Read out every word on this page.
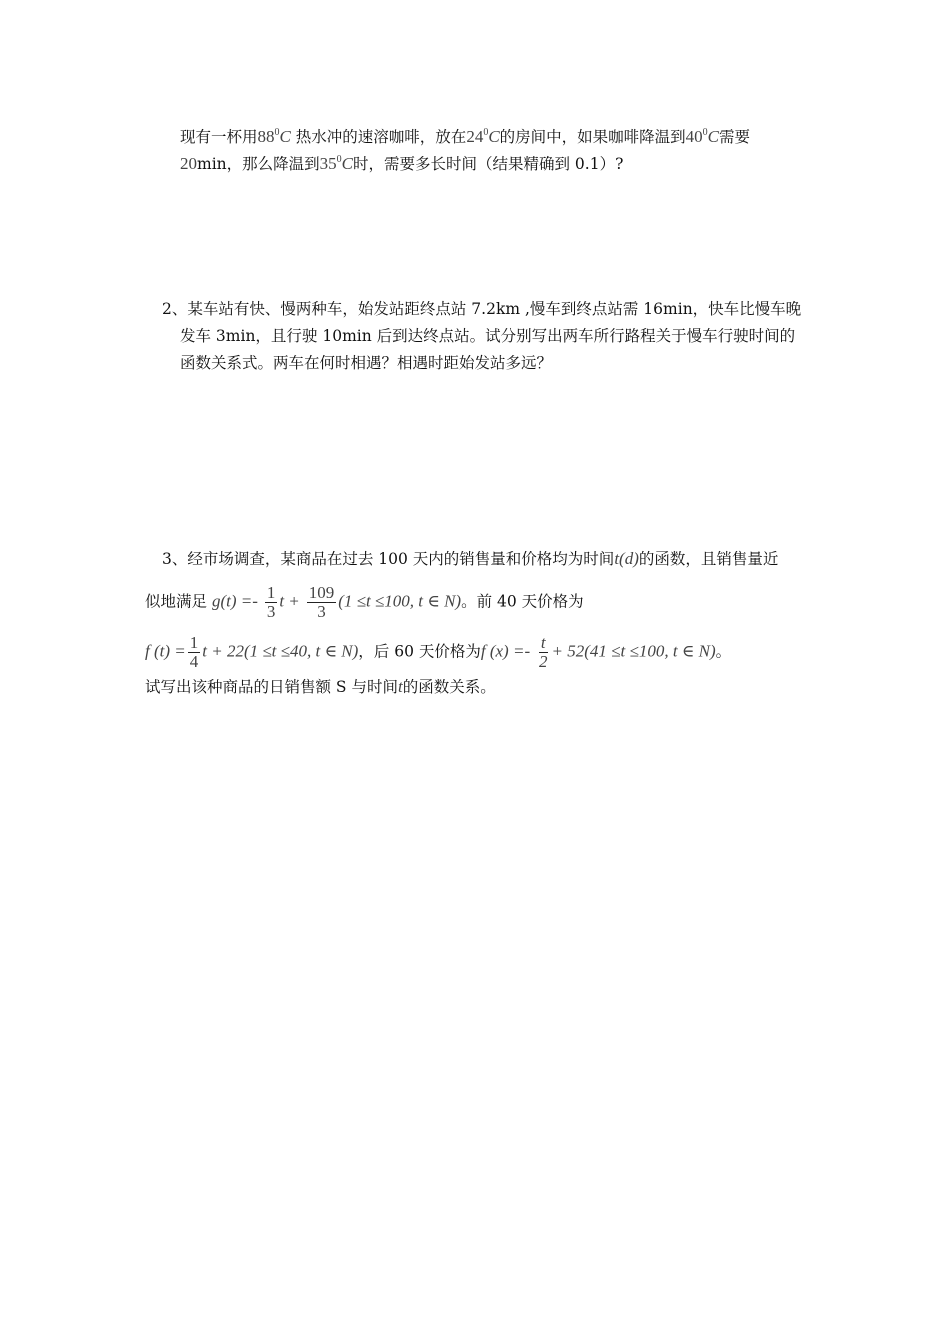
现有一杯用$88^0C$ 热水冲的速溶咖啡，放在$24^0C$的房间中，如果咖啡降温到$40^0C$需要
20min，那么降温到$35^0C$时，需要多长时间（结果精确到 0.1）?
2、某车站有快、慢两种车，始发站距终点站 7.2km ,慢车到终点站需 16min，快车比慢车晚
发车 3min，且行驶 10min 后到达终点站。试分别写出两车所行路程关于慢车行驶时间的
函数关系式。两车在何时相遇？相遇时距始发站多远？
3、经市场调查，某商品在过去 100 天内的销售量和价格均为时间t(d)的函数，且销售量近
似地满足 $g(t) =- \frac{1}{3}$ $t + \frac{109}{3} (1 \le t \le 100$, t ∈ N)。前 40 天价格为
f $(t) = \frac{1}{4}$ t + 22(1 ≤t ≤40, t ∈ N)，后 60 天价格为f $(x) =- \frac{t}{2} + 52(41 \le t \le 100$, t ∈ N)。
试写出该种商品的日销售额 S 与时间t的函数关系。
